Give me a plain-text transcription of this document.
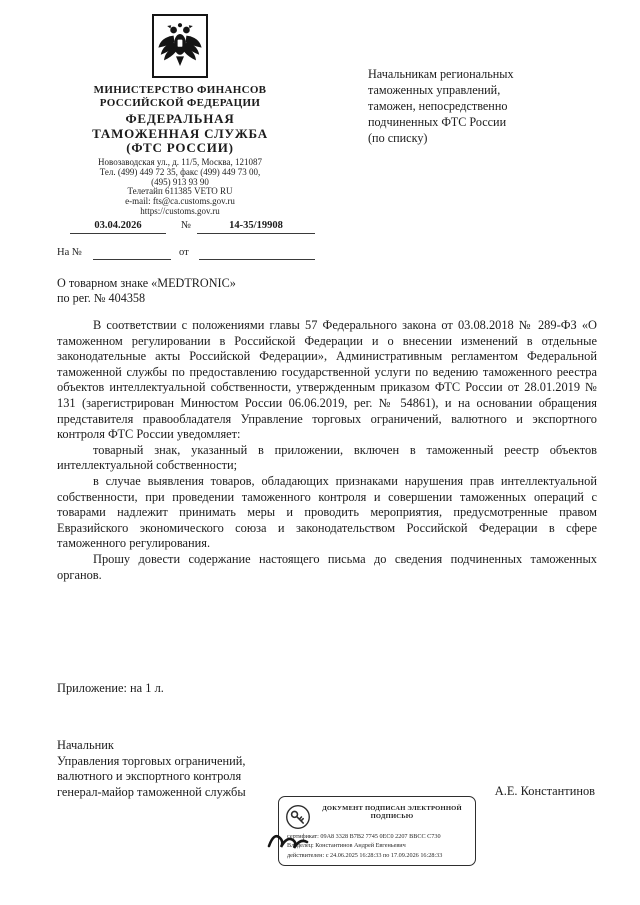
МИНИСТЕРСТВО ФИНАНСОВ
РОССИЙСКОЙ ФЕДЕРАЦИИ
ФЕДЕРАЛЬНАЯ
ТАМОЖЕННАЯ СЛУЖБА
(ФТС РОССИИ)
Новозаводская ул., д. 11/5, Москва, 121087
Тел. (499) 449 72 35, факс (499) 449 73 00,
(495) 913 93 90
Телетайп 611385 VETO RU
e-mail: fts@ca.customs.gov.ru
https://customs.gov.ru
03.04.2026	№	14-35/19908
На №	от
Начальникам региональных
таможенных управлений,
таможен, непосредственно
подчиненных ФТС России
(по списку)
О товарном знаке «MEDTRONIC»
по рег. № 404358

В соответствии с положениями главы 57 Федерального закона от 03.08.2018 № 289-ФЗ «О таможенном регулировании в Российской Федерации и о внесении изменений в отдельные законодательные акты Российской Федерации», Административным регламентом Федеральной таможенной службы по предоставлению государственной услуги по ведению таможенного реестра объектов интеллектуальной собственности, утвержденным приказом ФТС России от 28.01.2019 № 131 (зарегистрирован Минюстом России 06.06.2019, рег. № 54861), и на основании обращения представителя правообладателя Управление торговых ограничений, валютного и экспортного контроля ФТС России уведомляет:

товарный знак, указанный в приложении, включен в таможенный реестр объектов интеллектуальной собственности;

в случае выявления товаров, обладающих признаками нарушения прав интеллектуальной собственности, при проведении таможенного контроля и совершении таможенных операций с товарами надлежит принимать меры и проводить мероприятия, предусмотренные правом Евразийского экономического союза и законодательством Российской Федерации в сфере таможенного регулирования.

Прошу довести содержание настоящего письма до сведения подчиненных таможенных органов.

Приложение: на 1 л.
Начальник
Управления торговых ограничений,
валютного и экспортного контроля
генерал-майор таможенной службы	А.Е. Константинов
ДОКУМЕНТ ПОДПИСАН ЭЛЕКТРОННОЙ
ПОДПИСЬЮ
сертификат: 09A8 3328 B7B2 7745 0EC0 2207 BBCC C730
Владелец: Константинов Андрей Евгеньевич
действителен: с 24.06.2025 16:28:33 по 17.09.2026 16:28:33
